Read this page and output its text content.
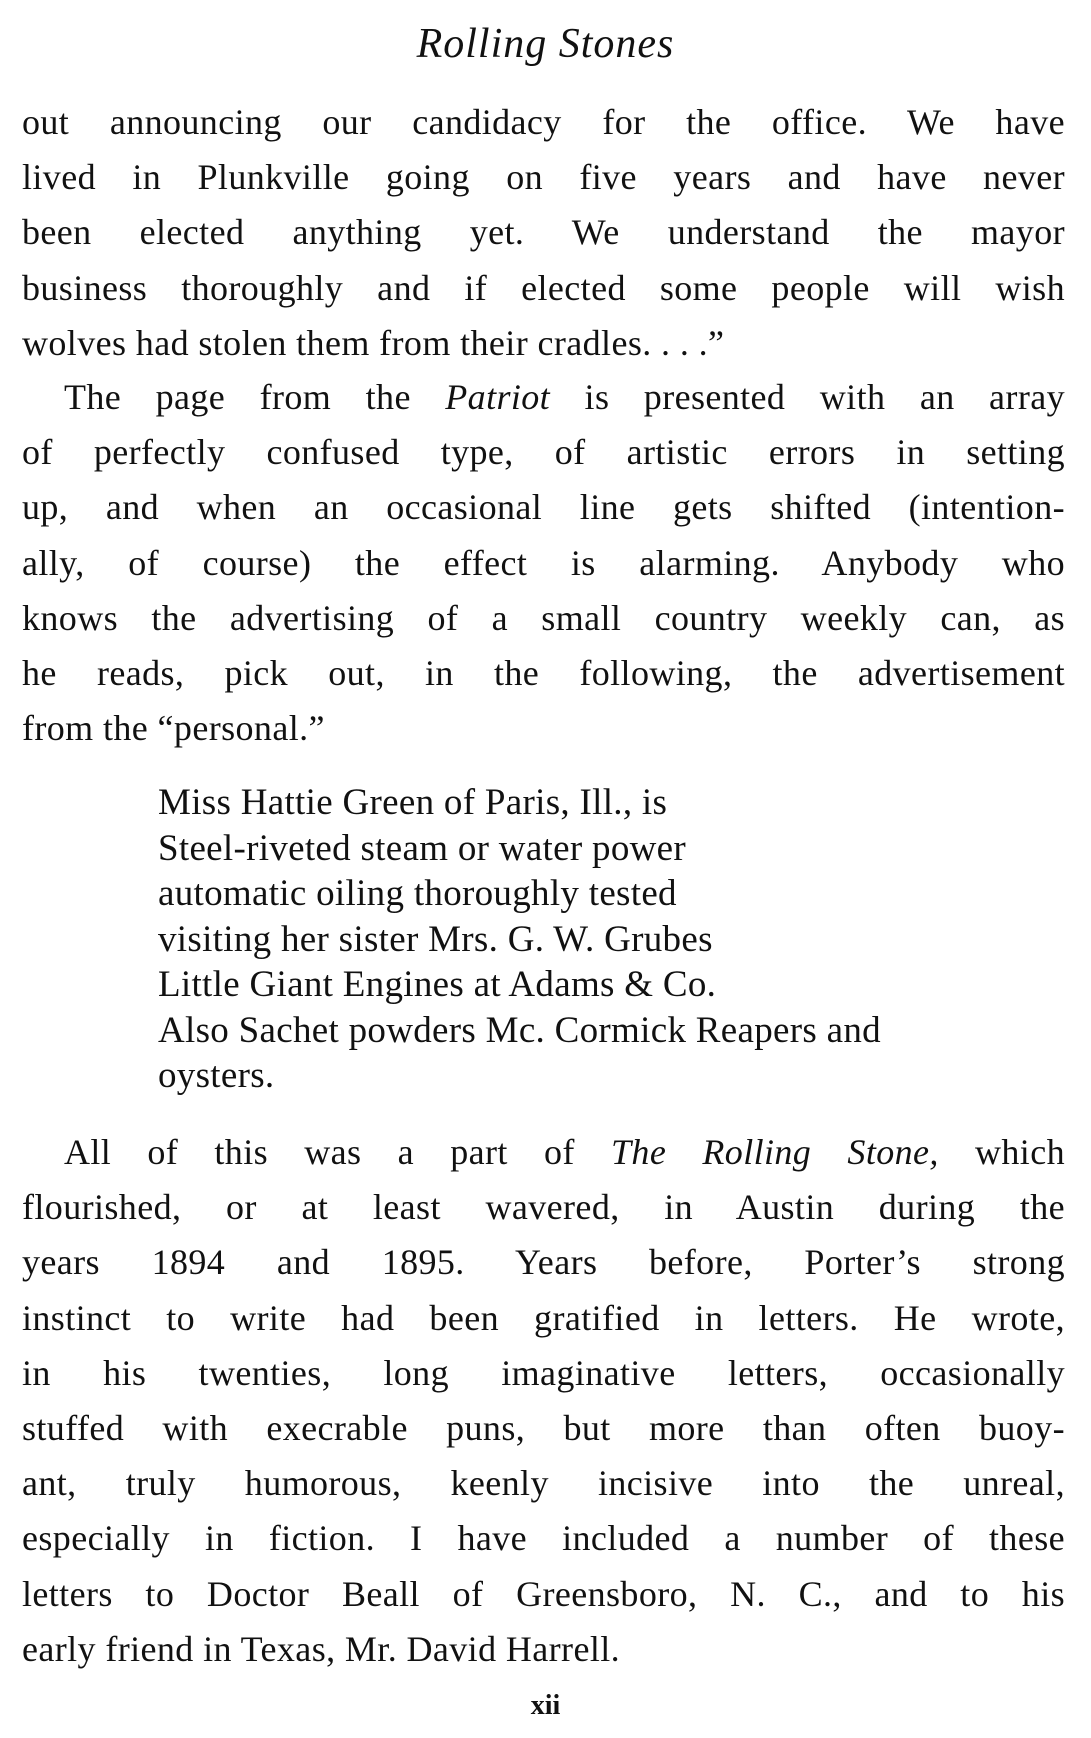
Rolling Stones
out announcing our candidacy for the office. We have
lived in Plunkville going on five years and have never
been elected anything yet. We understand the mayor
business thoroughly and if elected some people will wish
wolves had stolen them from their cradles. . . .”
The page from the Patriot is presented with an array
of perfectly confused type, of artistic errors in setting
up, and when an occasional line gets shifted (intention-
ally, of course) the effect is alarming. Anybody who
knows the advertising of a small country weekly can, as
he reads, pick out, in the following, the advertisement
from the “personal.”
Miss Hattie Green of Paris, Ill., is
Steel-riveted steam or water power
automatic oiling thoroughly tested
visiting her sister Mrs. G. W. Grubes
Little Giant Engines at Adams & Co.
Also Sachet powders Mc. Cormick Reapers and
oysters.
All of this was a part of The Rolling Stone, which
flourished, or at least wavered, in Austin during the
years 1894 and 1895. Years before, Porter’s strong
instinct to write had been gratified in letters. He wrote,
in his twenties, long imaginative letters, occasionally
stuffed with execrable puns, but more than often buoy-
ant, truly humorous, keenly incisive into the unreal,
especially in fiction. I have included a number of these
letters to Doctor Beall of Greensboro, N. C., and to his
early friend in Texas, Mr. David Harrell.
xii
